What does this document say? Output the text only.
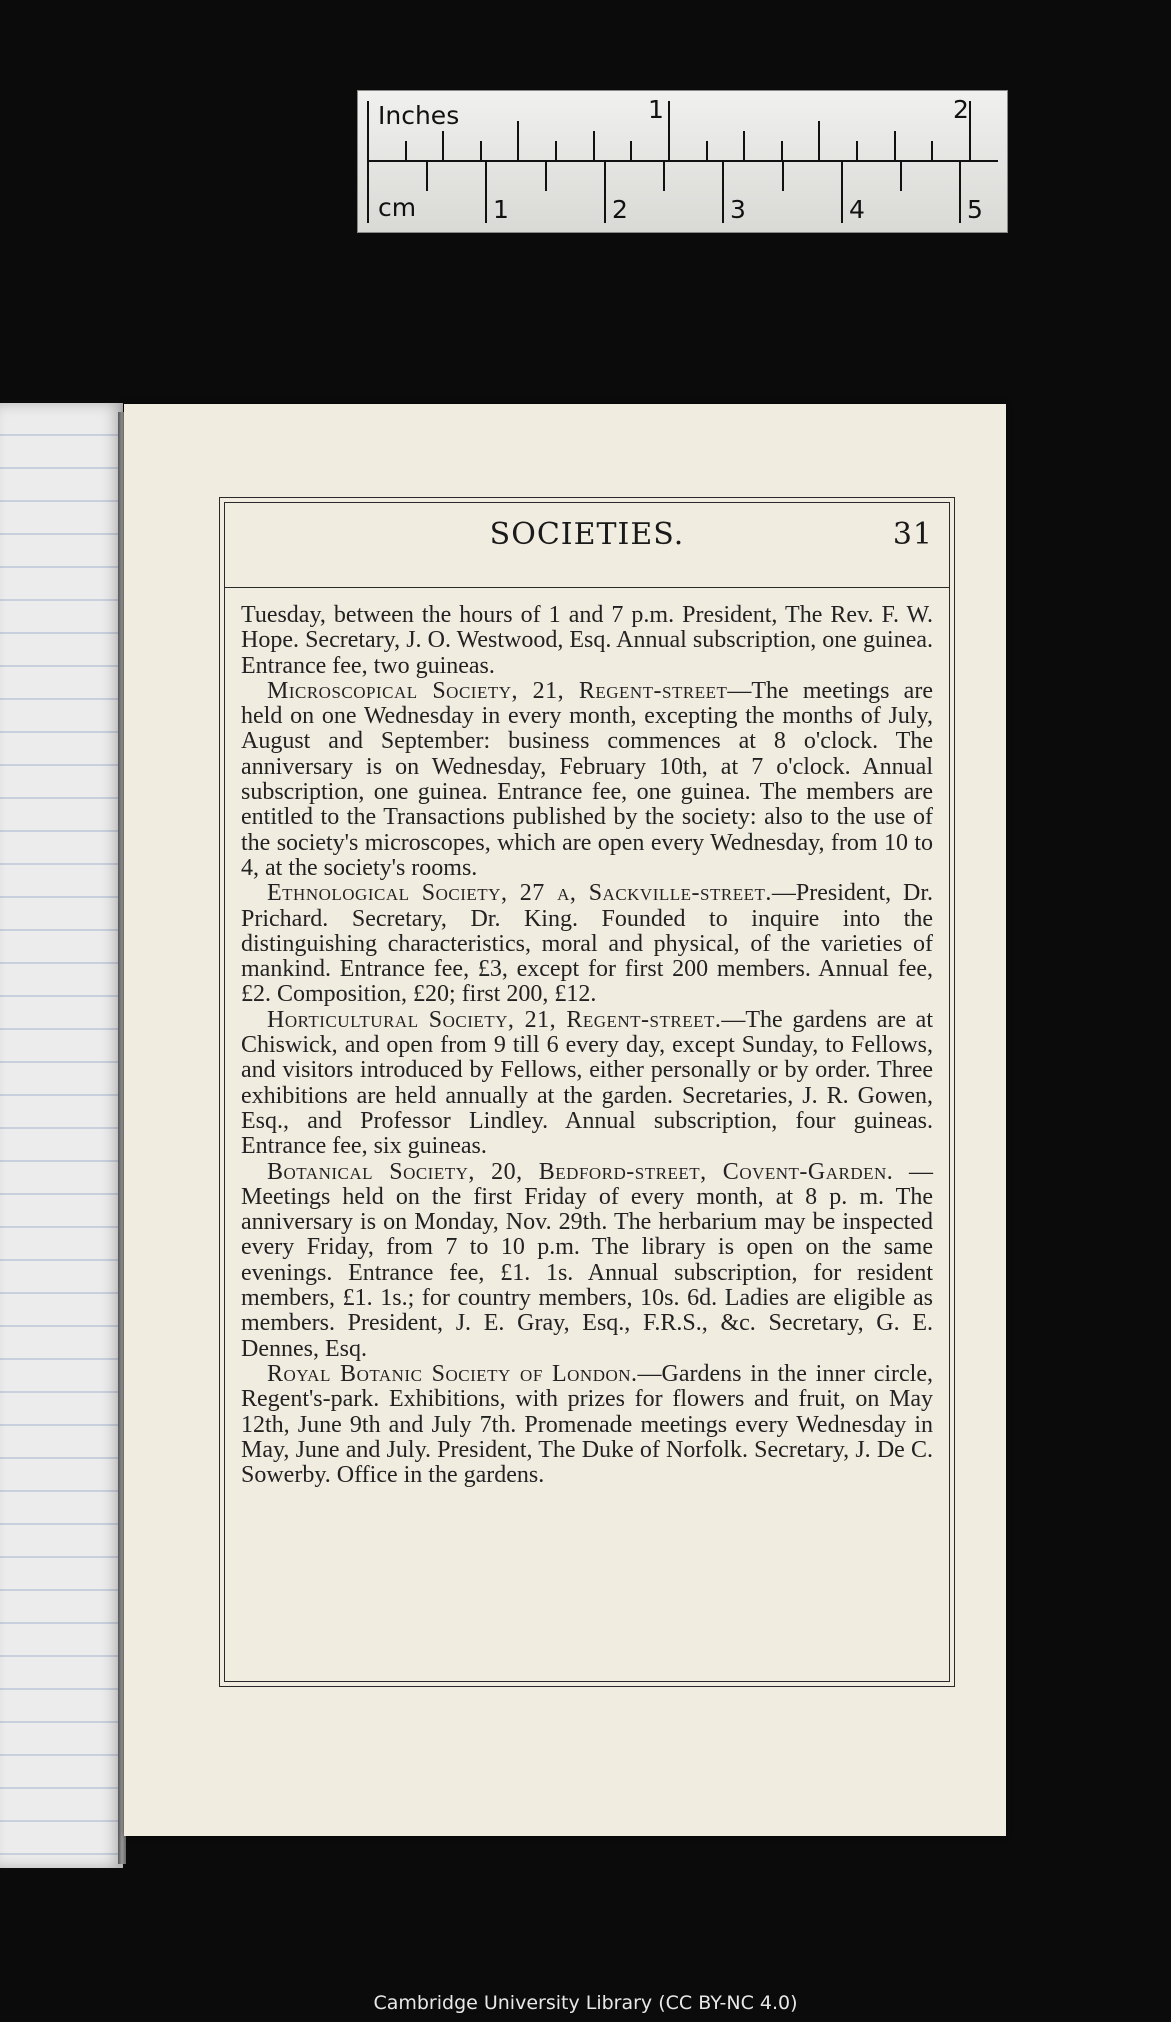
Inches	1	2
cm	1	2	3	4	5
SOCIETIES.	31

Tuesday, between the hours of 1 and 7 p.m. President, The Rev. F. W. Hope. Secretary, J. O. Westwood, Esq. Annual subscription, one guinea. Entrance fee, two guineas.

Microscopical Society, 21, Regent-street—The meetings are held on one Wednesday in every month, excepting the months of July, August and September: business commences at 8 o'clock. The anniversary is on Wednesday, February 10th, at 7 o'clock. Annual subscription, one guinea. Entrance fee, one guinea. The members are entitled to the Transactions published by the society: also to the use of the society's microscopes, which are open every Wednesday, from 10 to 4, at the society's rooms.

Ethnological Society, 27 a, Sackville-street.—President, Dr. Prichard. Secretary, Dr. King. Founded to inquire into the distinguishing characteristics, moral and physical, of the varieties of mankind. Entrance fee, £3, except for first 200 members. Annual fee, £2. Composition, £20; first 200, £12.

Horticultural Society, 21, Regent-street.—The gardens are at Chiswick, and open from 9 till 6 every day, except Sunday, to Fellows, and visitors introduced by Fellows, either personally or by order. Three exhibitions are held annually at the garden. Secretaries, J. R. Gowen, Esq., and Professor Lindley. Annual subscription, four guineas. Entrance fee, six guineas.

Botanical Society, 20, Bedford-street, Covent-Garden. — Meetings held on the first Friday of every month, at 8 p. m. The anniversary is on Monday, Nov. 29th. The herbarium may be inspected every Friday, from 7 to 10 p.m. The library is open on the same evenings. Entrance fee, £1. 1s. Annual subscription, for resident members, £1. 1s.; for country members, 10s. 6d. Ladies are eligible as members. President, J. E. Gray, Esq., F.R.S., &c. Secretary, G. E. Dennes, Esq.

Royal Botanic Society of London.—Gardens in the inner circle, Regent's-park. Exhibitions, with prizes for flowers and fruit, on May 12th, June 9th and July 7th. Promenade meetings every Wednesday in May, June and July. President, The Duke of Norfolk. Secretary, J. De C. Sowerby. Office in the gardens.

Cambridge University Library (CC BY-NC 4.0)
